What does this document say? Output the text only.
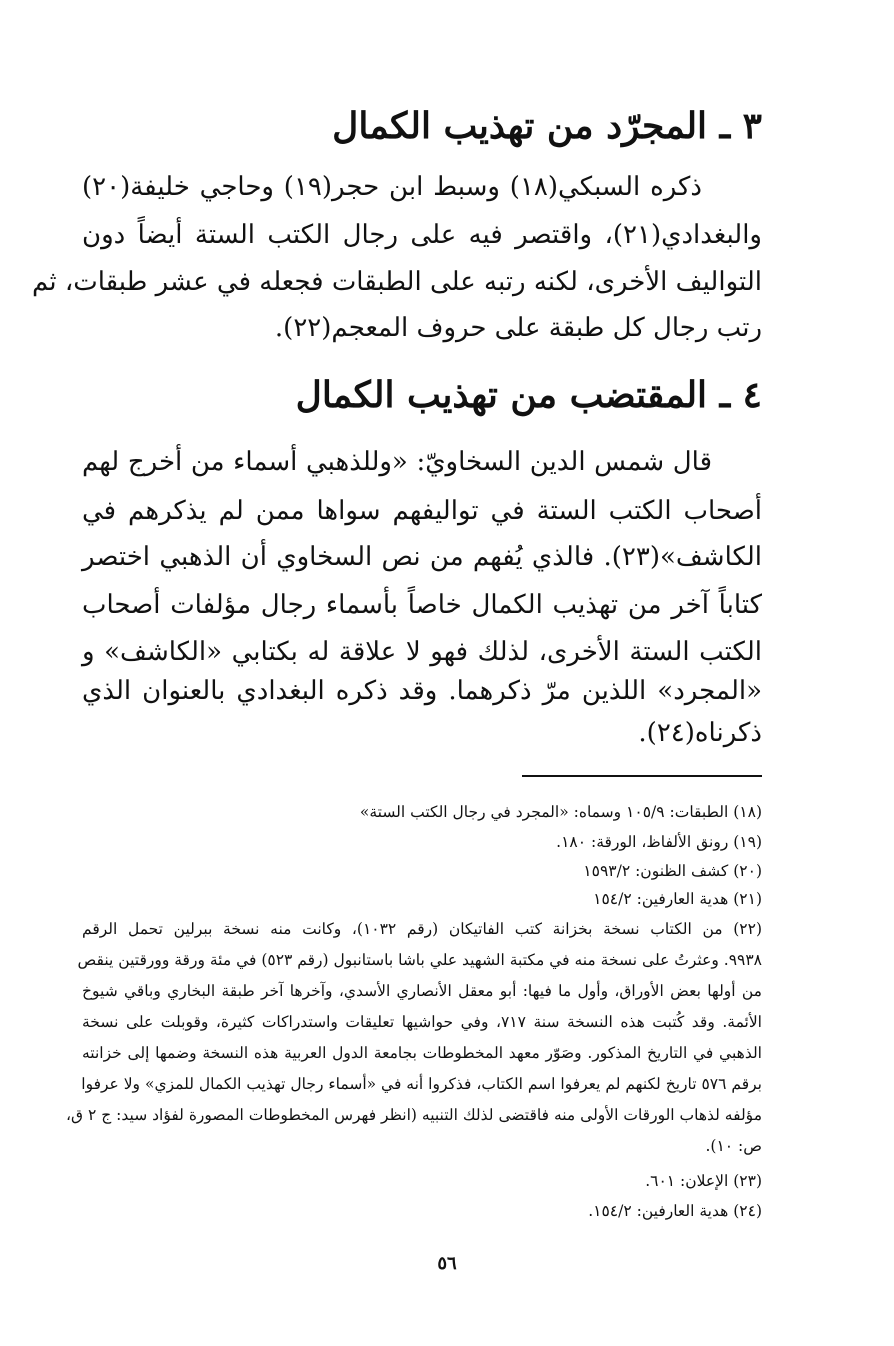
٣ ـ المجرّد من تهذيب الكمال
ذكره السبكي(١٨) وسبط ابن حجر(١٩) وحاجي خليفة(٢٠)
والبغدادي(٢١)، واقتصر فيه على رجال الكتب الستة أيضاً دون
التواليف الأخرى، لكنه رتبه على الطبقات فجعله في عشر طبقات، ثم
رتب رجال كل طبقة على حروف المعجم(٢٢).
٤ ـ المقتضب من تهذيب الكمال
قال شمس الدين السخاويّ: «وللذهبي أسماء من أخرج لهم
أصحاب الكتب الستة في تواليفهم سواها ممن لم يذكرهم في
الكاشف»(٢٣). فالذي يُفهم من نص السخاوي أن الذهبي اختصر
كتاباً آخر من تهذيب الكمال خاصاً بأسماء رجال مؤلفات أصحاب
الكتب الستة الأخرى، لذلك فهو لا علاقة له بكتابي «الكاشف» و
«المجرد» اللذين مرّ ذكرهما. وقد ذكره البغدادي بالعنوان الذي
ذكرناه(٢٤).
(١٨) الطبقات: ١٠٥/٩ وسماه: «المجرد في رجال الكتب الستة»
(١٩) رونق الألفاظ، الورقة: ١٨٠.
(٢٠) كشف الظنون: ١٥٩٣/٢
(٢١) هدية العارفين: ١٥٤/٢
(٢٢) من الكتاب نسخة بخزانة كتب الفاتيكان (رقم ١٠٣٢)، وكانت منه نسخة ببرلين تحمل الرقم
٩٩٣٨. وعثرتُ على نسخة منه في مكتبة الشهيد علي باشا باستانبول (رقم ٥٢٣) في مئة ورقة وورقتين ينقص
من أولها بعض الأوراق، وأول ما فيها: أبو معقل الأنصاري الأسدي، وآخرها آخر طبقة البخاري وباقي شيوخ
الأئمة. وقد كُتبت هذه النسخة سنة ٧١٧، وفي حواشيها تعليقات واستدراكات كثيرة، وقوبلت على نسخة
الذهبي في التاريخ المذكور. وصَوّر معهد المخطوطات بجامعة الدول العربية هذه النسخة وضمها إلى خزانته
برقم ٥٧٦ تاريخ لكنهم لم يعرفوا اسم الكتاب، فذكروا أنه في «أسماء رجال تهذيب الكمال للمزي» ولا عرفوا
مؤلفه لذهاب الورقات الأولى منه فاقتضى لذلك التنبيه (انظر فهرس المخطوطات المصورة لفؤاد سيد: ج ٢ ق،
ص: ١٠).
(٢٣) الإعلان: ٦٠١.
(٢٤) هدية العارفين: ١٥٤/٢.
٥٦
